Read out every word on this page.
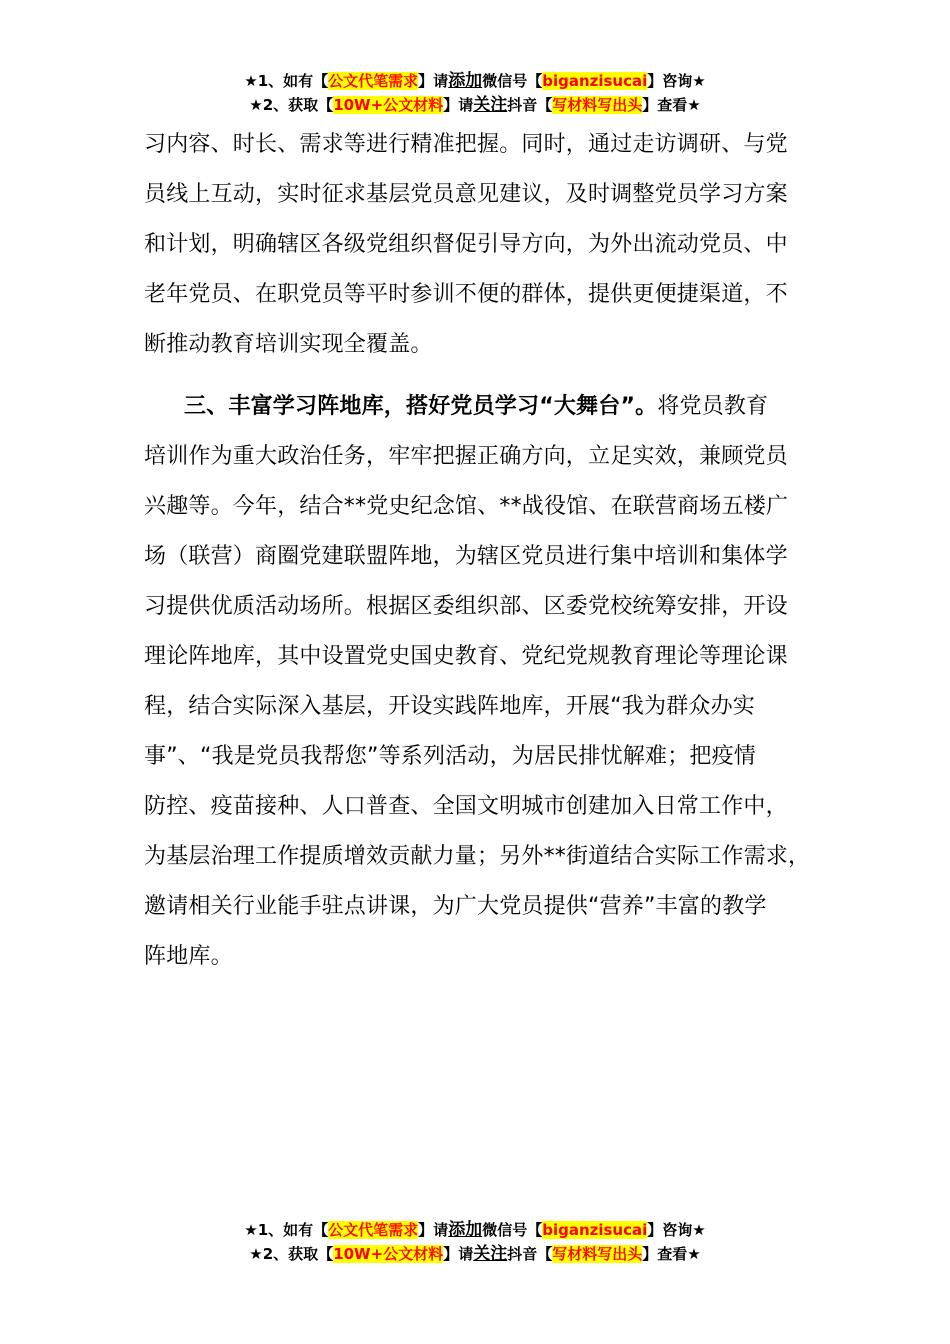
★1、如有【公文代笔需求】请添加微信号【biganzisucai】咨询★
★2、获取【10W+公文材料】请关注抖音【写材料写出头】查看★
习内容、时长、需求等进行精准把握。同时，通过走访调研、与党
员线上互动，实时征求基层党员意见建议，及时调整党员学习方案
和计划，明确辖区各级党组织督促引导方向，为外出流动党员、中
老年党员、在职党员等平时参训不便的群体，提供更便捷渠道，不
断推动教育培训实现全覆盖。
三、丰富学习阵地库，搭好党员学习“大舞台”。将党员教育
培训作为重大政治任务，牢牢把握正确方向，立足实效，兼顾党员
兴趣等。今年，结合**党史纪念馆、**战役馆、在联营商场五楼广
场（联营）商圈党建联盟阵地，为辖区党员进行集中培训和集体学
习提供优质活动场所。根据区委组织部、区委党校统筹安排，开设
理论阵地库，其中设置党史国史教育、党纪党规教育理论等理论课
程，结合实际深入基层，开设实践阵地库，开展“我为群众办实
事”、“我是党员我帮您”等系列活动，为居民排忧解难；把疫情
防控、疫苗接种、人口普查、全国文明城市创建加入日常工作中，
为基层治理工作提质增效贡献力量；另外**街道结合实际工作需求，
邀请相关行业能手驻点讲课，为广大党员提供“营养”丰富的教学
阵地库。
★1、如有【公文代笔需求】请添加微信号【biganzisucai】咨询★
★2、获取【10W+公文材料】请关注抖音【写材料写出头】查看★
